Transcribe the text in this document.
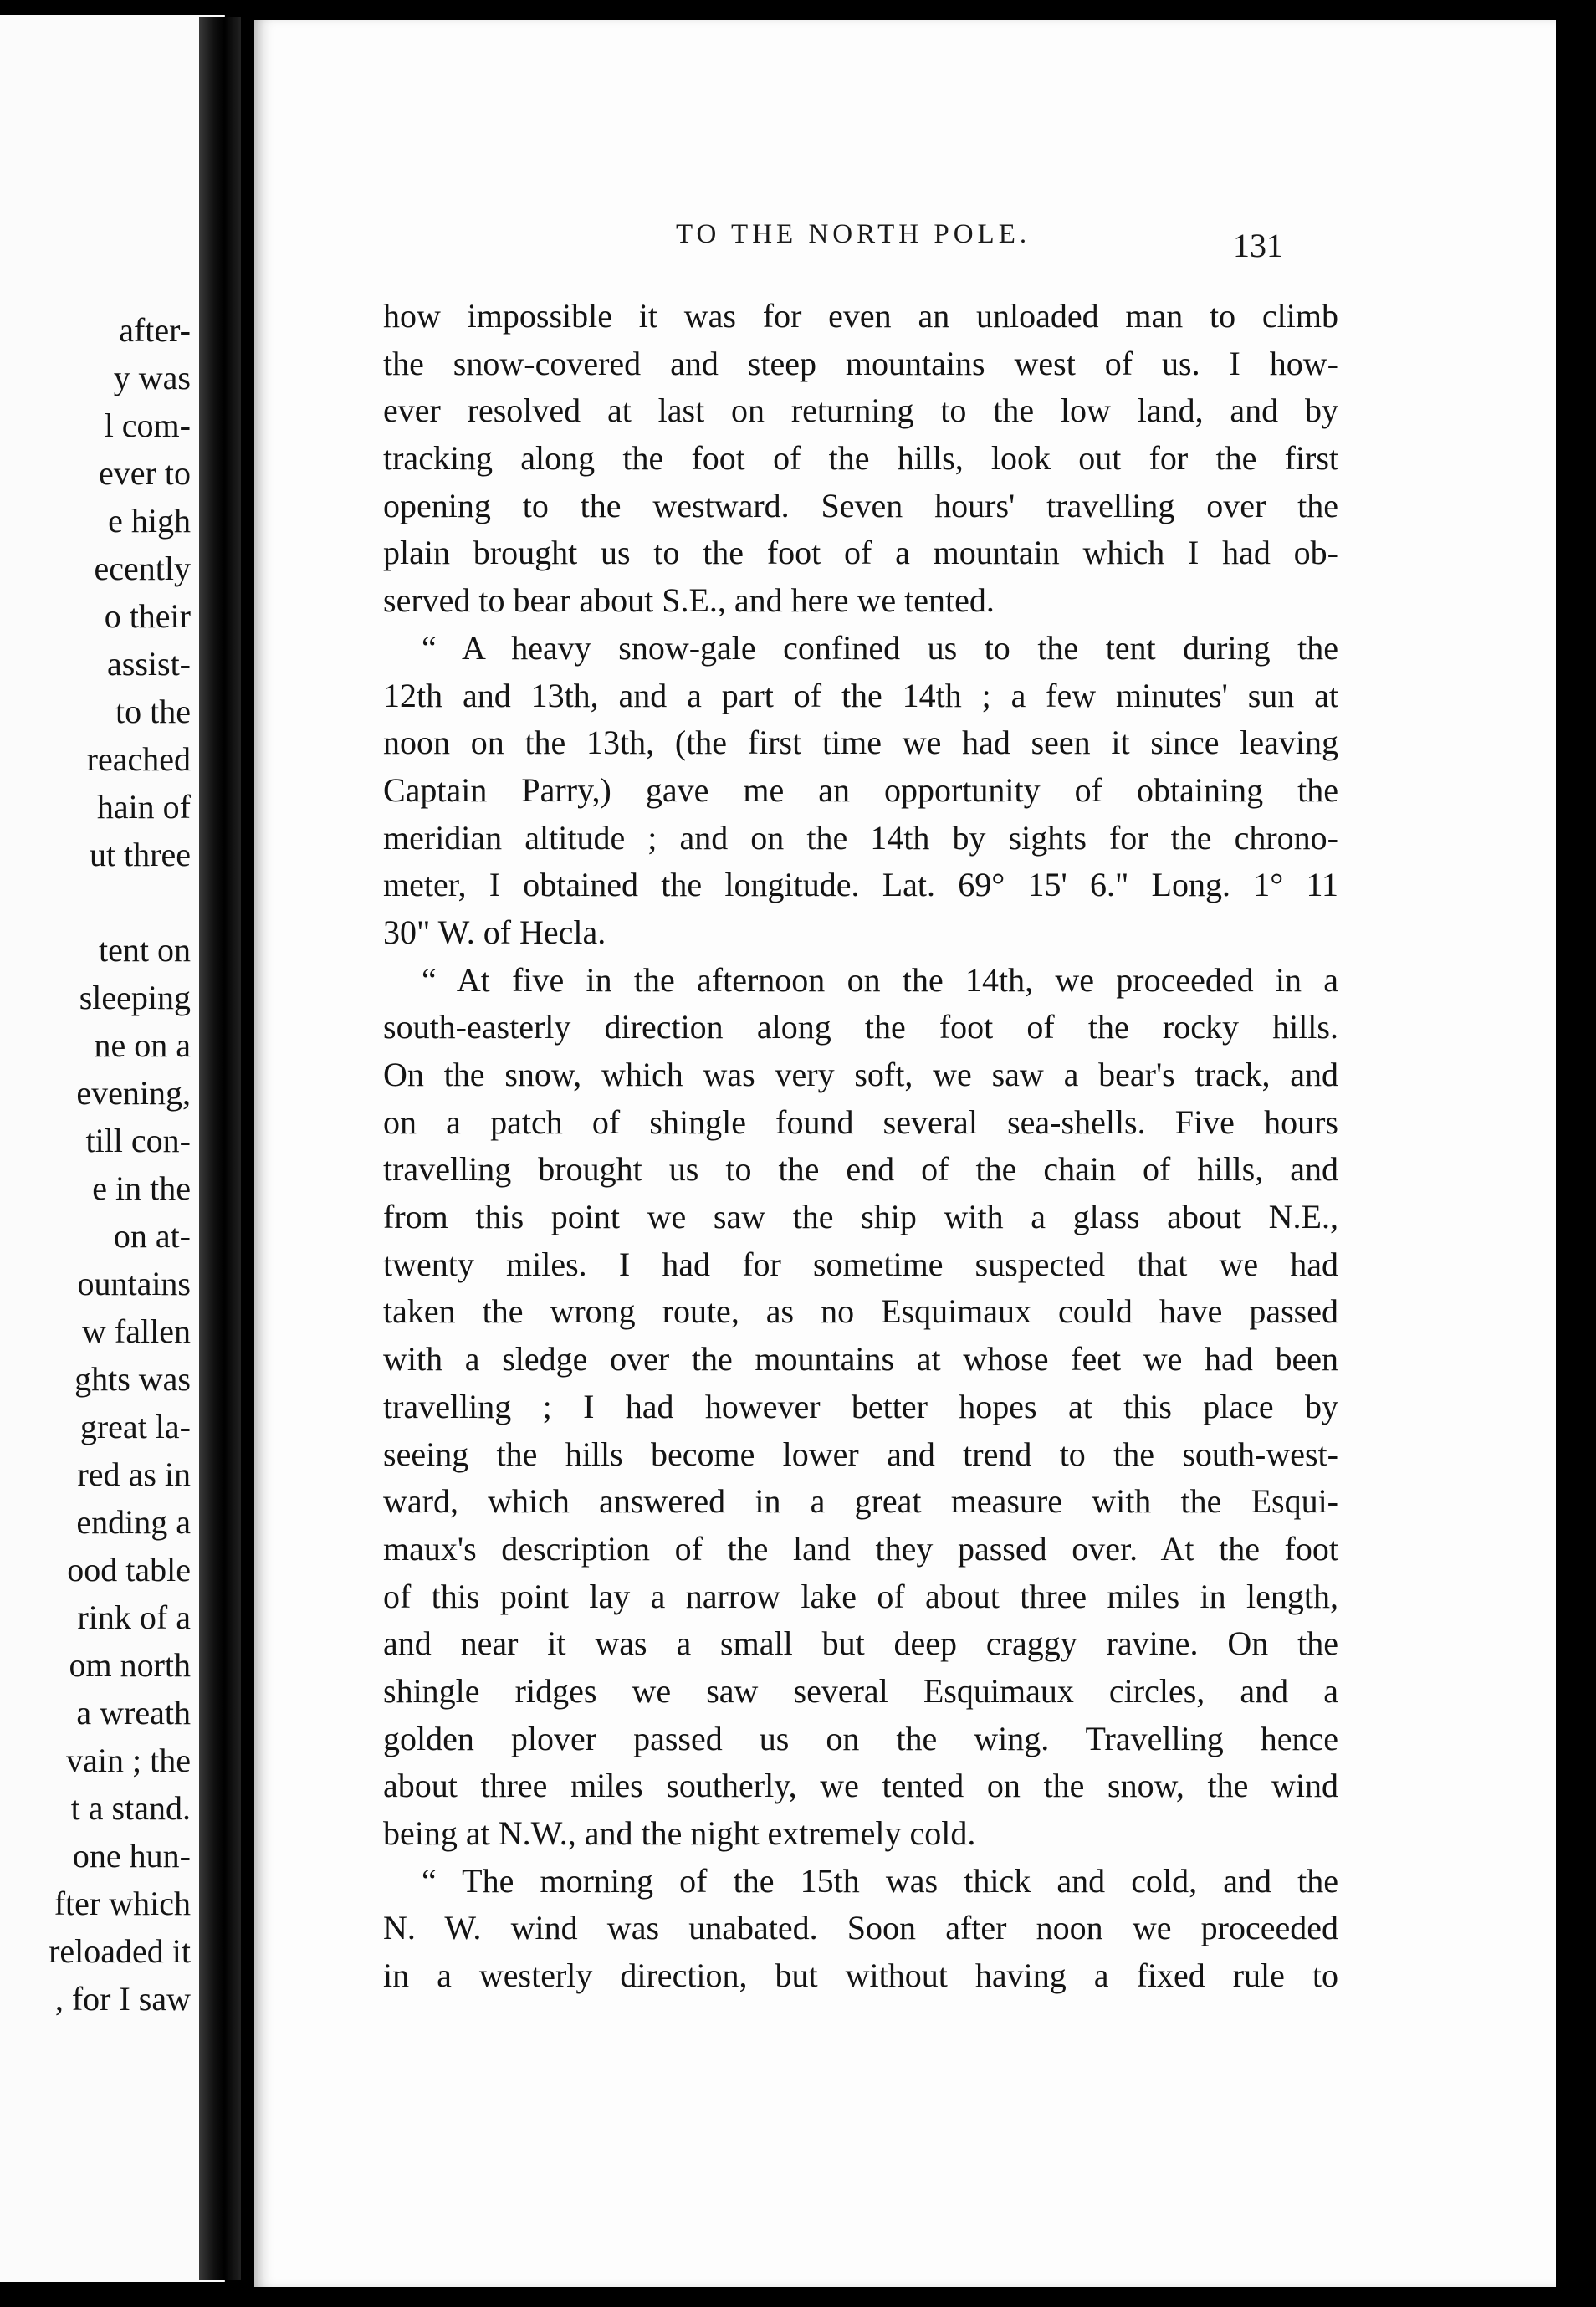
after-
y was
l com-
ever to
e high
ecently
o their
assist-
to the
reached
hain of
ut three
tent on
sleeping
ne on a
evening,
till con-
e in the
on at-
ountains
w fallen
ghts was
great la-
red as in
ending a
ood table
rink of a
om north
a wreath
vain ; the
t a stand.
one hun-
fter which
reloaded it
, for I saw
TO THE NORTH POLE.	131
how impossible it was for even an unloaded man to climb
the snow-covered and steep mountains west of us. I how-
ever resolved at last on returning to the low land, and by
tracking along the foot of the hills, look out for the first
opening to the westward. Seven hours' travelling over the
plain brought us to the foot of a mountain which I had ob-
served to bear about S.E., and here we tented.
“ A heavy snow-gale confined us to the tent during the
12th and 13th, and a part of the 14th ; a few minutes' sun at
noon on the 13th, (the first time we had seen it since leaving
Captain Parry,) gave me an opportunity of obtaining the
meridian altitude ; and on the 14th by sights for the chrono-
meter, I obtained the longitude. Lat. 69° 15' 6." Long. 1° 11
30" W. of Hecla.
“ At five in the afternoon on the 14th, we proceeded in a
south-easterly direction along the foot of the rocky hills.
On the snow, which was very soft, we saw a bear's track, and
on a patch of shingle found several sea-shells. Five hours
travelling brought us to the end of the chain of hills, and
from this point we saw the ship with a glass about N.E.,
twenty miles. I had for sometime suspected that we had
taken the wrong route, as no Esquimaux could have passed
with a sledge over the mountains at whose feet we had been
travelling ; I had however better hopes at this place by
seeing the hills become lower and trend to the south-west-
ward, which answered in a great measure with the Esqui-
maux's description of the land they passed over. At the foot
of this point lay a narrow lake of about three miles in length,
and near it was a small but deep craggy ravine. On the
shingle ridges we saw several Esquimaux circles, and a
golden plover passed us on the wing. Travelling hence
about three miles southerly, we tented on the snow, the wind
being at N.W., and the night extremely cold.
“ The morning of the 15th was thick and cold, and the
N. W. wind was unabated. Soon after noon we proceeded
in a westerly direction, but without having a fixed rule to
